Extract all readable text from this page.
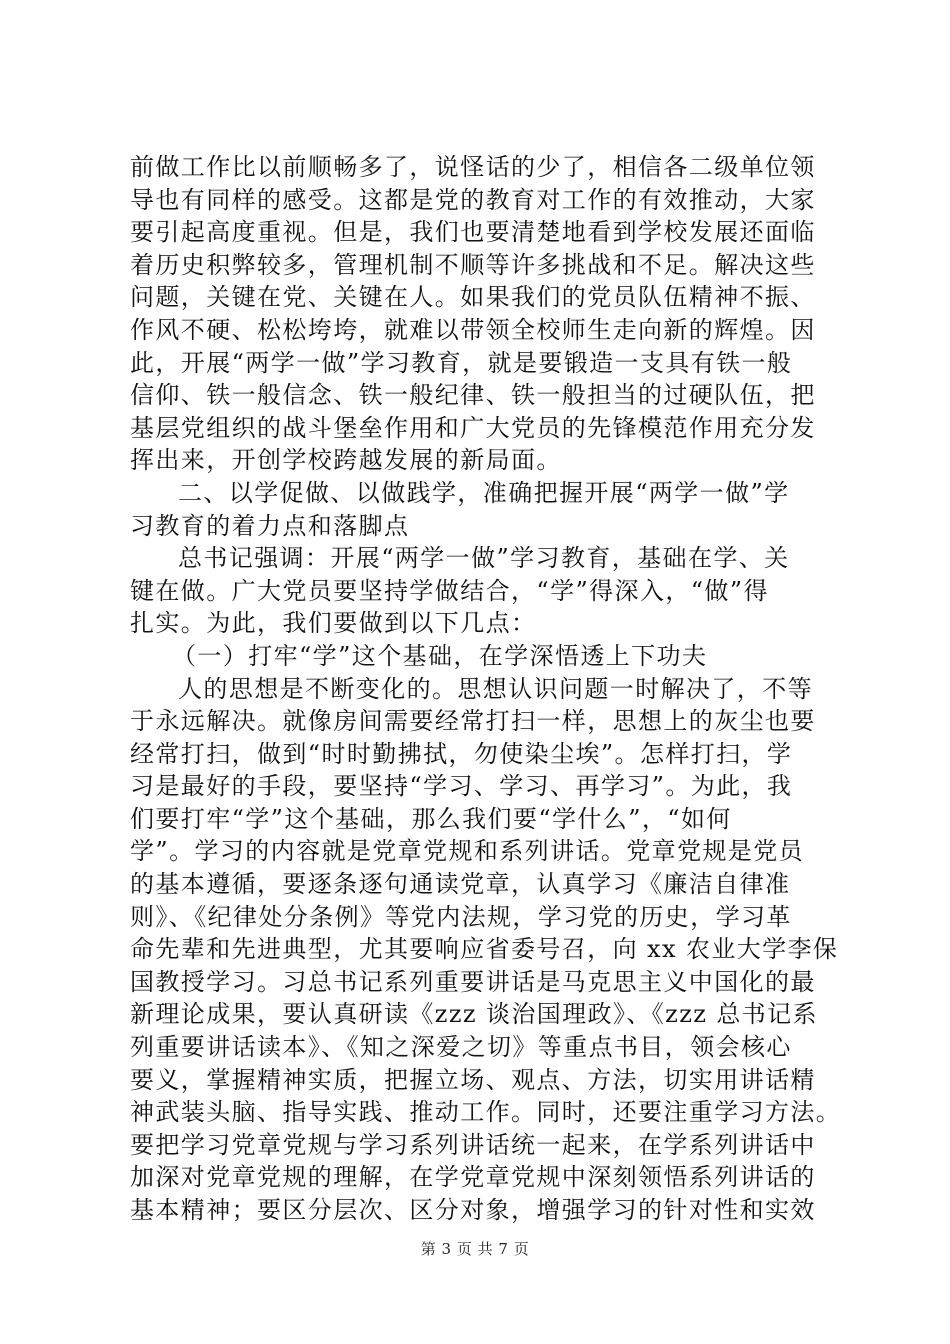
前做工作比以前顺畅多了，说怪话的少了，相信各二级单位领
导也有同样的感受。这都是党的教育对工作的有效推动，大家
要引起高度重视。但是，我们也要清楚地看到学校发展还面临
着历史积弊较多，管理机制不顺等许多挑战和不足。解决这些
问题，关键在党、关键在人。如果我们的党员队伍精神不振、
作风不硬、松松垮垮，就难以带领全校师生走向新的辉煌。因
此，开展“两学一做”学习教育，就是要锻造一支具有铁一般
信仰、铁一般信念、铁一般纪律、铁一般担当的过硬队伍，把
基层党组织的战斗堡垒作用和广大党员的先锋模范作用充分发
挥出来，开创学校跨越发展的新局面。
二、以学促做、以做践学，准确把握开展“两学一做”学
习教育的着力点和落脚点
总书记强调：开展“两学一做”学习教育，基础在学、关
键在做。广大党员要坚持学做结合，“学”得深入，“做”得
扎实。为此，我们要做到以下几点：
（一）打牢“学”这个基础，在学深悟透上下功夫
人的思想是不断变化的。思想认识问题一时解决了，不等
于永远解决。就像房间需要经常打扫一样，思想上的灰尘也要
经常打扫，做到“时时勤拂拭，勿使染尘埃”。怎样打扫，学
习是最好的手段，要坚持“学习、学习、再学习”。为此，我
们要打牢“学”这个基础，那么我们要“学什么”，“如何
学”。学习的内容就是党章党规和系列讲话。党章党规是党员
的基本遵循，要逐条逐句通读党章，认真学习《廉洁自律准
则》、《纪律处分条例》等党内法规，学习党的历史，学习革
命先辈和先进典型，尤其要响应省委号召，向 xx 农业大学李保
国教授学习。习总书记系列重要讲话是马克思主义中国化的最
新理论成果，要认真研读《zzz 谈治国理政》、《zzz 总书记系
列重要讲话读本》、《知之深爱之切》等重点书目，领会核心
要义，掌握精神实质，把握立场、观点、方法，切实用讲话精
神武装头脑、指导实践、推动工作。同时，还要注重学习方法。
要把学习党章党规与学习系列讲话统一起来，在学系列讲话中
加深对党章党规的理解，在学党章党规中深刻领悟系列讲话的
基本精神；要区分层次、区分对象，增强学习的针对性和实效
第 3 页 共 7 页
